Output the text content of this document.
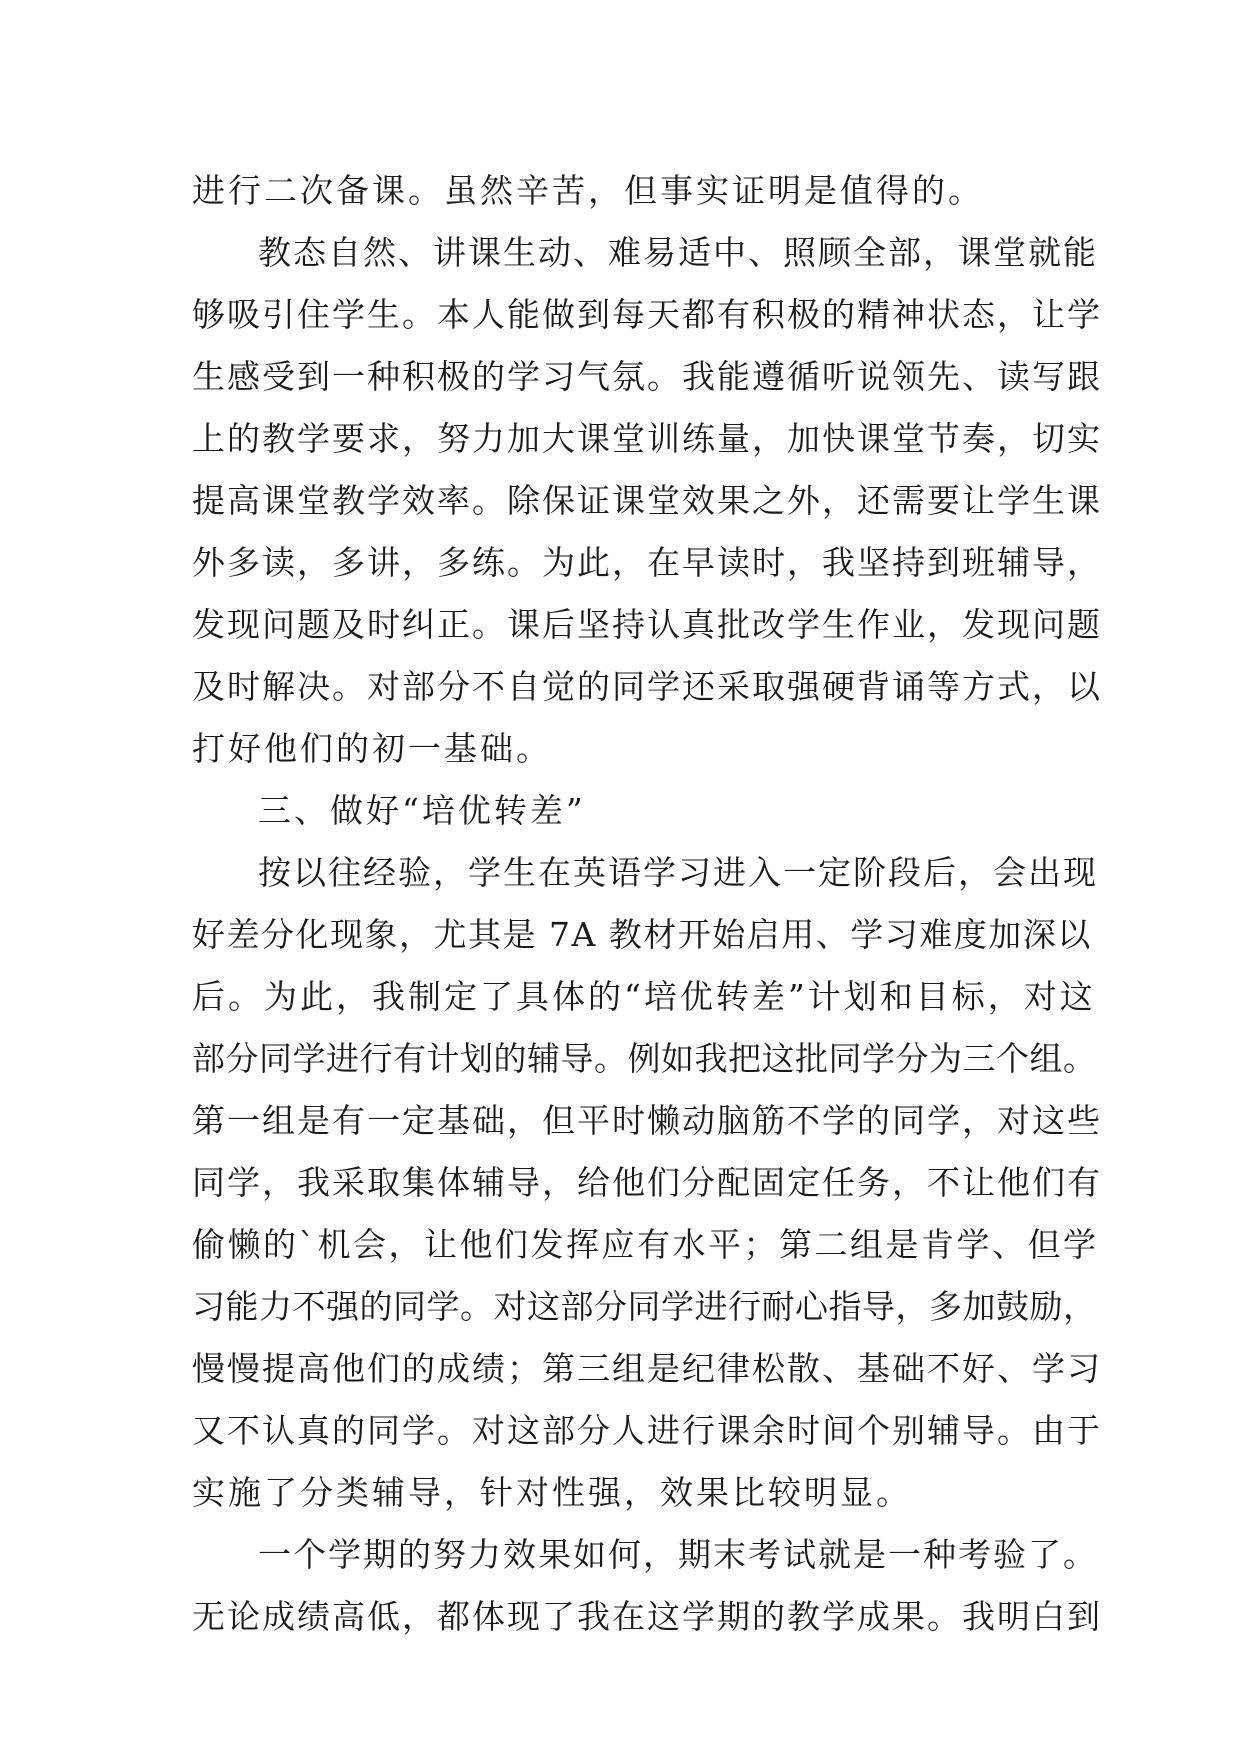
进行二次备课。虽然辛苦，但事实证明是值得的。
教态自然、讲课生动、难易适中、照顾全部，课堂就能
够吸引住学生。本人能做到每天都有积极的精神状态，让学
生感受到一种积极的学习气氛。我能遵循听说领先、读写跟
上的教学要求，努力加大课堂训练量，加快课堂节奏，切实
提高课堂教学效率。除保证课堂效果之外，还需要让学生课
外多读，多讲，多练。为此，在早读时，我坚持到班辅导，
发现问题及时纠正。课后坚持认真批改学生作业，发现问题
及时解决。对部分不自觉的同学还采取强硬背诵等方式，以
打好他们的初一基础。
三、做好“培优转差”
按以往经验，学生在英语学习进入一定阶段后，会出现
好差分化现象，尤其是 7A 教材开始启用、学习难度加深以
后。为此，我制定了具体的“培优转差”计划和目标，对这
部分同学进行有计划的辅导。例如我把这批同学分为三个组。
第一组是有一定基础，但平时懒动脑筋不学的同学，对这些
同学，我采取集体辅导，给他们分配固定任务，不让他们有
偷懒的`机会，让他们发挥应有水平；第二组是肯学、但学
习能力不强的同学。对这部分同学进行耐心指导，多加鼓励，
慢慢提高他们的成绩；第三组是纪律松散、基础不好、学习
又不认真的同学。对这部分人进行课余时间个别辅导。由于
实施了分类辅导，针对性强，效果比较明显。
一个学期的努力效果如何，期末考试就是一种考验了。
无论成绩高低，都体现了我在这学期的教学成果。我明白到
